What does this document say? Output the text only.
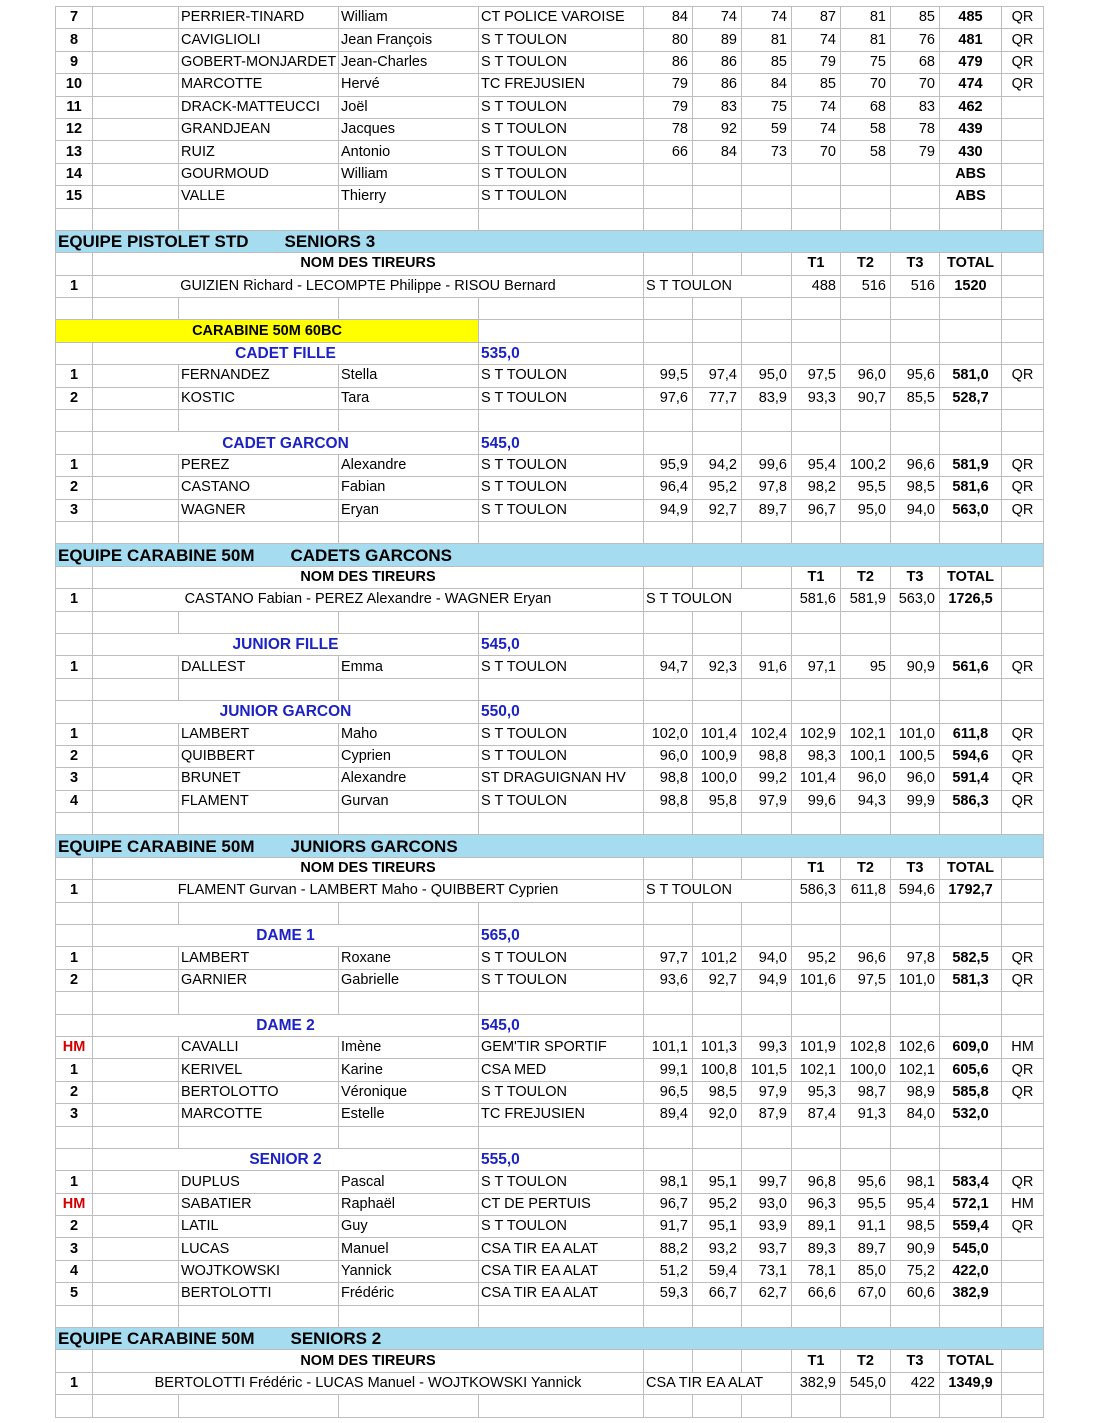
7		PERRIER-TINARD	William	CT POLICE VAROISE	84	74	74	87	81	85	485	QR
8		CAVIGLIOLI	Jean François	S T TOULON	80	89	81	74	81	76	481	QR
9		GOBERT-MONJARDET	Jean-Charles	S T TOULON	86	86	85	79	75	68	479	QR
10		MARCOTTE	Hervé	TC FREJUSIEN	79	86	84	85	70	70	474	QR
11		DRACK-MATTEUCCI	Joël	S T TOULON	79	83	75	74	68	83	462	
12		GRANDJEAN	Jacques	S T TOULON	78	92	59	74	58	78	439	
13		RUIZ	Antonio	S T TOULON	66	84	73	70	58	79	430	
14		GOURMOUD	William	S T TOULON							ABS	
15		VALLE	Thierry	S T TOULON							ABS	

EQUIPE PISTOLET STD SENIORS 3												
	NOM DES TIREURS							T1	T2	T3	TOTAL	
1	GUIZIEN Richard - LECOMPTE Philippe - RISOU Bernard				S T TOULON			488	516	516	1520	

CARABINE 50M 60BC												
	CADET FILLE			535,0								
1		FERNANDEZ	Stella	S T TOULON	99,5	97,4	95,0	97,5	96,0	95,6	581,0	QR
2		KOSTIC	Tara	S T TOULON	97,6	77,7	83,9	93,3	90,7	85,5	528,7	

	CADET GARCON			545,0								
1		PEREZ	Alexandre	S T TOULON	95,9	94,2	99,6	95,4	100,2	96,6	581,9	QR
2		CASTANO	Fabian	S T TOULON	96,4	95,2	97,8	98,2	95,5	98,5	581,6	QR
3		WAGNER	Eryan	S T TOULON	94,9	92,7	89,7	96,7	95,0	94,0	563,0	QR

EQUIPE CARABINE 50M CADETS GARCONS												
	NOM DES TIREURS							T1	T2	T3	TOTAL	
1	CASTANO Fabian - PEREZ Alexandre - WAGNER Eryan				S T TOULON			581,6	581,9	563,0	1726,5	

	JUNIOR FILLE			545,0								
1		DALLEST	Emma	S T TOULON	94,7	92,3	91,6	97,1	95	90,9	561,6	QR

	JUNIOR GARCON			550,0								
1		LAMBERT	Maho	S T TOULON	102,0	101,4	102,4	102,9	102,1	101,0	611,8	QR
2		QUIBBERT	Cyprien	S T TOULON	96,0	100,9	98,8	98,3	100,1	100,5	594,6	QR
3		BRUNET	Alexandre	ST DRAGUIGNAN HV	98,8	100,0	99,2	101,4	96,0	96,0	591,4	QR
4		FLAMENT	Gurvan	S T TOULON	98,8	95,8	97,9	99,6	94,3	99,9	586,3	QR

EQUIPE CARABINE 50M JUNIORS GARCONS												
	NOM DES TIREURS							T1	T2	T3	TOTAL	
1	FLAMENT Gurvan - LAMBERT Maho - QUIBBERT Cyprien				S T TOULON			586,3	611,8	594,6	1792,7	

	DAME 1			565,0								
1		LAMBERT	Roxane	S T TOULON	97,7	101,2	94,0	95,2	96,6	97,8	582,5	QR
2		GARNIER	Gabrielle	S T TOULON	93,6	92,7	94,9	101,6	97,5	101,0	581,3	QR

	DAME 2			545,0								
HM		CAVALLI	Imène	GEM'TIR SPORTIF	101,1	101,3	99,3	101,9	102,8	102,6	609,0	HM
1		KERIVEL	Karine	CSA MED	99,1	100,8	101,5	102,1	100,0	102,1	605,6	QR
2		BERTOLOTTO	Véronique	S T TOULON	96,5	98,5	97,9	95,3	98,7	98,9	585,8	QR
3		MARCOTTE	Estelle	TC FREJUSIEN	89,4	92,0	87,9	87,4	91,3	84,0	532,0	

	SENIOR 2			555,0								
1		DUPLUS	Pascal	S T TOULON	98,1	95,1	99,7	96,8	95,6	98,1	583,4	QR
HM		SABATIER	Raphaël	CT DE PERTUIS	96,7	95,2	93,0	96,3	95,5	95,4	572,1	HM
2		LATIL	Guy	S T TOULON	91,7	95,1	93,9	89,1	91,1	98,5	559,4	QR
3		LUCAS	Manuel	CSA TIR EA ALAT	88,2	93,2	93,7	89,3	89,7	90,9	545,0	
4		WOJTKOWSKI	Yannick	CSA TIR EA ALAT	51,2	59,4	73,1	78,1	85,0	75,2	422,0	
5		BERTOLOTTI	Frédéric	CSA TIR EA ALAT	59,3	66,7	62,7	66,6	67,0	60,6	382,9	

EQUIPE CARABINE 50M SENIORS 2												
	NOM DES TIREURS							T1	T2	T3	TOTAL	
1	BERTOLOTTI Frédéric - LUCAS Manuel - WOJTKOWSKI Yannick				CSA TIR EA ALAT			382,9	545,0	422	1349,9	
